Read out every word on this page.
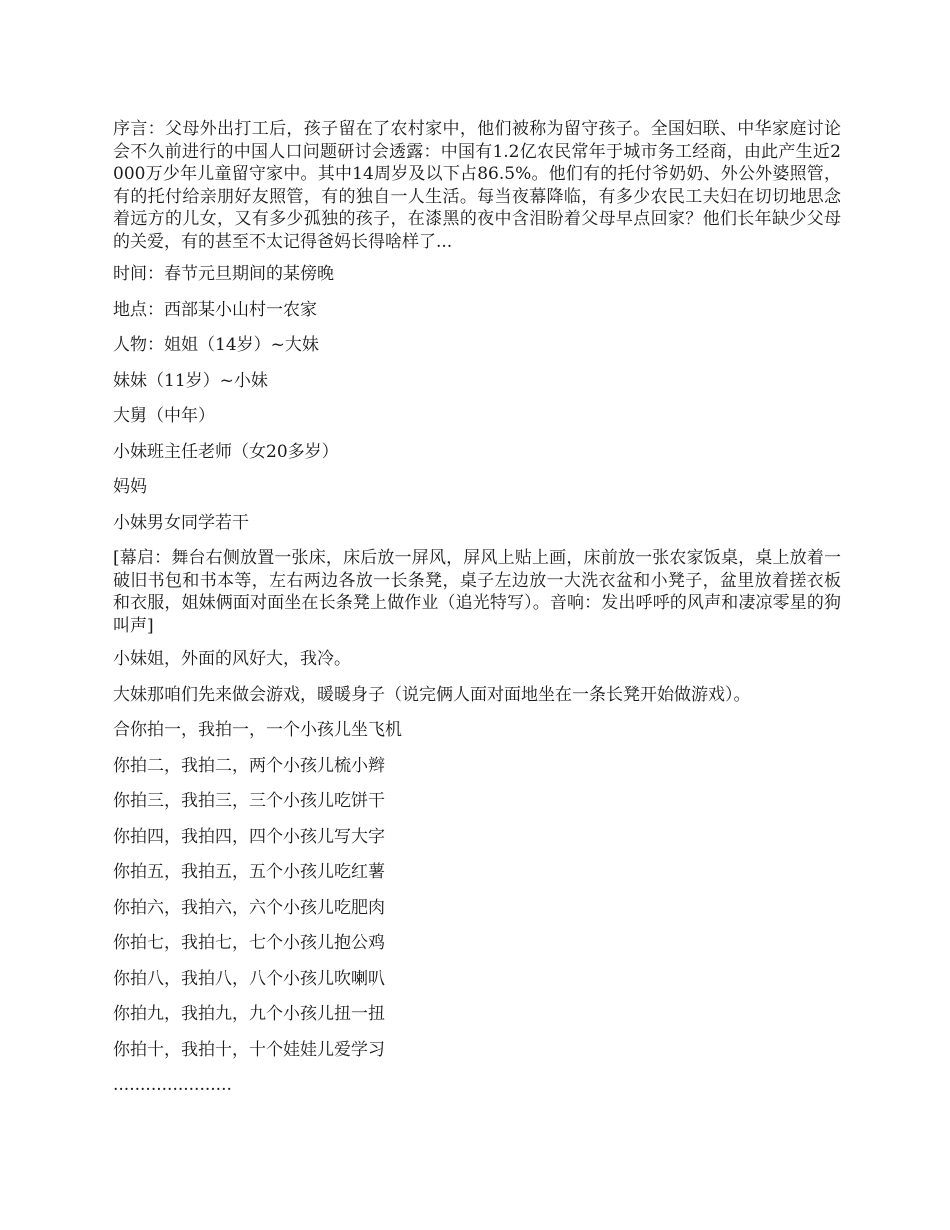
序言：父母外出打工后，孩子留在了农村家中，他们被称为留守孩子。全国妇联、中华家庭讨论会不久前进行的中国人口问题研讨会透露：中国有1.2亿农民常年于城市务工经商，由此产生近2000万少年儿童留守家中。其中14周岁及以下占86.5%。他们有的托付爷奶奶、外公外婆照管，有的托付给亲朋好友照管，有的独自一人生活。每当夜幕降临，有多少农民工夫妇在切切地思念着远方的儿女，又有多少孤独的孩子，在漆黑的夜中含泪盼着父母早点回家？他们长年缺少父母的关爱，有的甚至不太记得爸妈长得啥样了...

时间：春节元旦期间的某傍晚

地点：西部某小山村一农家

人物：姐姐（14岁）~大妹

妹妹（11岁）~小妹

大舅（中年）

小妹班主任老师（女20多岁）

妈妈

小妹男女同学若干

[幕启：舞台右侧放置一张床，床后放一屏风，屏风上贴上画，床前放一张农家饭桌，桌上放着一破旧书包和书本等，左右两边各放一长条凳，桌子左边放一大洗衣盆和小凳子，盆里放着搓衣板和衣服，姐妹俩面对面坐在长条凳上做作业（追光特写）。音响：发出呼呼的风声和凄凉零星的狗叫声]

小妹姐，外面的风好大，我冷。

大妹那咱们先来做会游戏，暖暖身子（说完俩人面对面地坐在一条长凳开始做游戏）。

合你拍一，我拍一，一个小孩儿坐飞机

你拍二，我拍二，两个小孩儿梳小辫

你拍三，我拍三，三个小孩儿吃饼干

你拍四，我拍四，四个小孩儿写大字

你拍五，我拍五，五个小孩儿吃红薯

你拍六，我拍六，六个小孩儿吃肥肉

你拍七，我拍七，七个小孩儿抱公鸡

你拍八，我拍八，八个小孩儿吹喇叭

你拍九，我拍九，九个小孩儿扭一扭

你拍十，我拍十，十个娃娃儿爱学习

......................
